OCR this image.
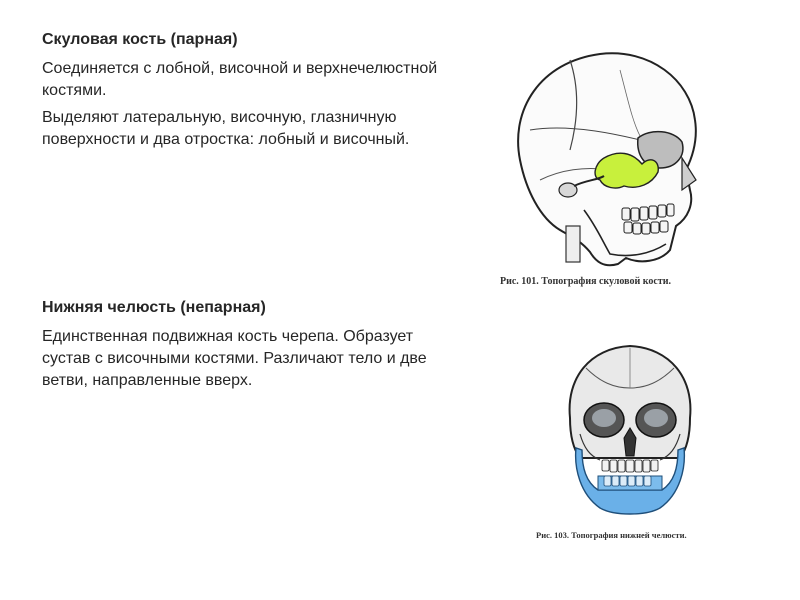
Скуловая кость (парная)
Соединяется с лобной, височной и верхнечелюстной костями.
Выделяют латеральную, височную, глазничную поверхности и два отростка: лобный и височный.
Нижняя челюсть (непарная)
Единственная подвижная кость черепа. Образует сустав с височными костями. Различают тело и две ветви, направленные вверх.
Рис. 101. Топография скуловой кости.
Рис. 103. Топография нижней челюсти.
